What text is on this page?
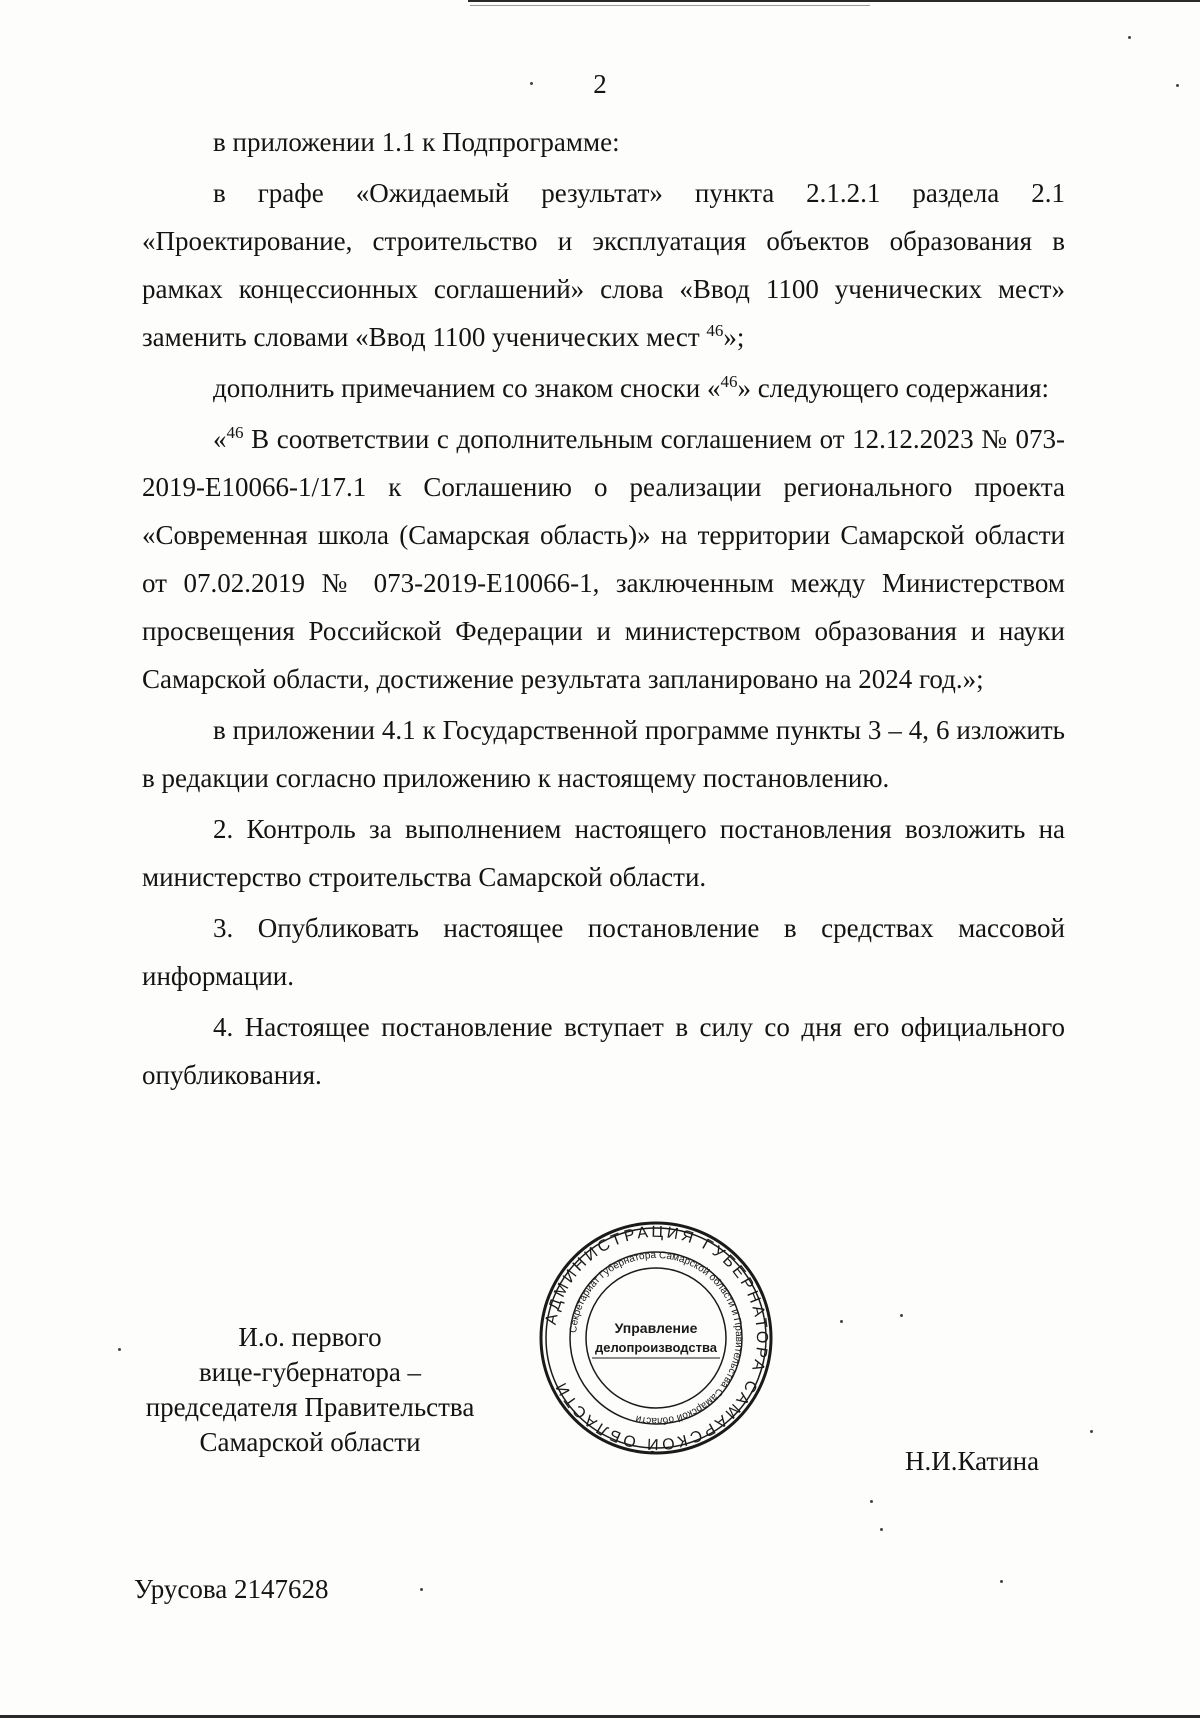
2

в приложении 1.1 к Подпрограмме:

в графе «Ожидаемый результат» пункта 2.1.2.1 раздела 2.1 «Проектирование, строительство и эксплуатация объектов образования в рамках концессионных соглашений» слова «Ввод 1100 ученических мест» заменить словами «Ввод 1100 ученических мест $^{46}$»;

дополнить примечанием со знаком сноски «$^{46}$» следующего содержания:

«$^{46}$ В соответствии с дополнительным соглашением от 12.12.2023 № 073-2019-Е10066-1/17.1 к Соглашению о реализации регионального проекта «Современная школа (Самарская область)» на территории Самарской области от 07.02.2019 № 073-2019-Е10066-1, заключенным между Министерством просвещения Российской Федерации и министерством образования и науки Самарской области, достижение результата запланировано на 2024 год.»;

в приложении 4.1 к Государственной программе пункты 3 – 4, 6 изложить в редакции согласно приложению к настоящему постановлению.

2. Контроль за выполнением настоящего постановления возложить на министерство строительства Самарской области.

3. Опубликовать настоящее постановление в средствах массовой информации.

4. Настоящее постановление вступает в силу со дня его официального опубликования.

И.о. первого
вице-губернатора –
председателя Правительства
Самарской области
АДМИНИСТРАЦИЯ ГУБЕРНАТОРА САМАРСКОЙ ОБЛАСТИ
Секретариат Губернатора Самарской области и Правительства Самарской области
Управление
делопроизводства
Н.И.Катина
Урусова 2147628
